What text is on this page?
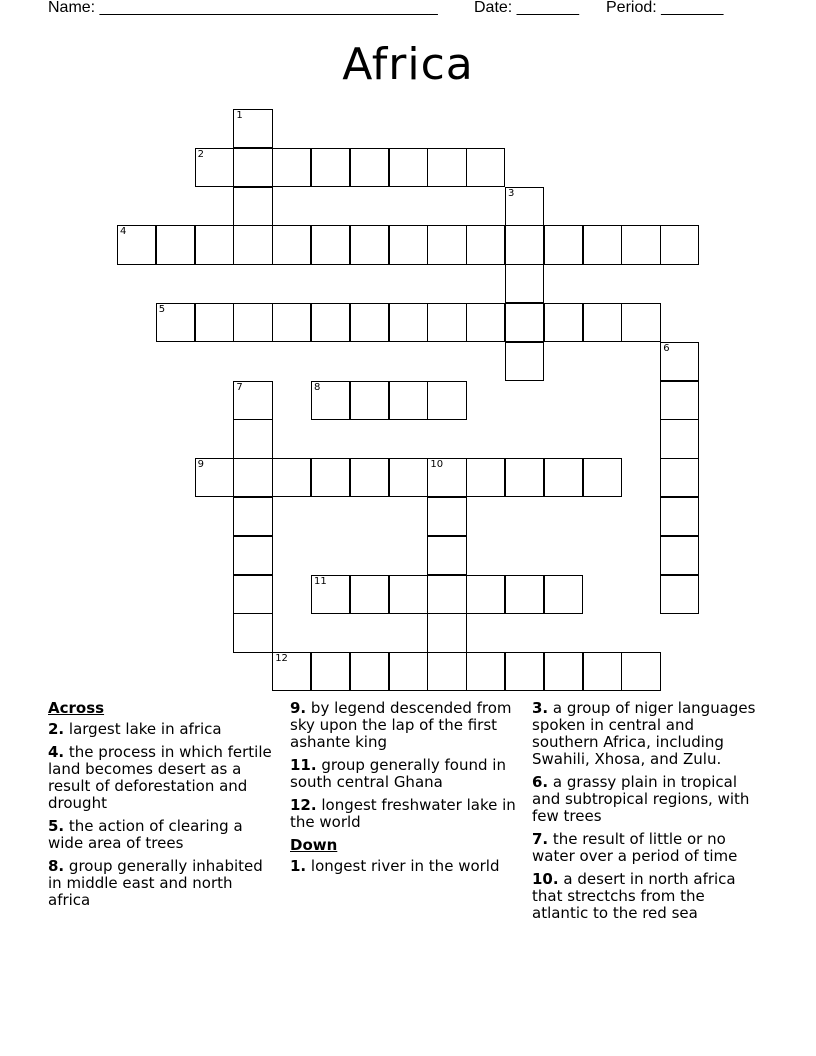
Name: ______________________________________ Date: _______ Period: _______
Africa
1
2
3
4
5
6
7	8
9	10
11
12
Across
2. largest lake in africa
4. the process in which fertile land becomes desert as a result of deforestation and drought
5. the action of clearing a wide area of trees
8. group generally inhabited in middle east and north africa
9. by legend descended from sky upon the lap of the first ashante king
11. group generally found in south central Ghana
12. longest freshwater lake in the world
Down
1. longest river in the world
3. a group of niger languages spoken in central and southern Africa, including Swahili, Xhosa, and Zulu.
6. a grassy plain in tropical and subtropical regions, with few trees
7. the result of little or no water over a period of time
10. a desert in north africa that strectchs from the atlantic to the red sea
